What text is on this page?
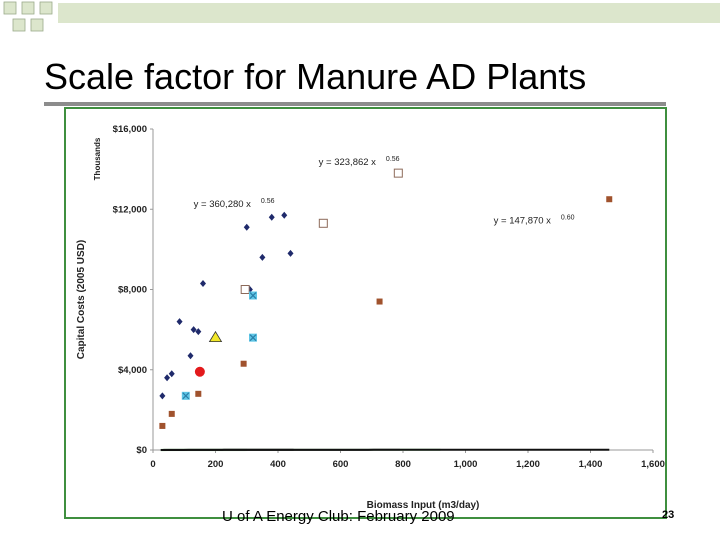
Scale factor for Manure AD Plants
$0
$4,000
$8,000
$12,000
$16,000
0	200	400	600	800	1,000	1,200	1,400	1,600
Capital Costs (2005 USD)
Thousands
Biomass Input (m3/day)
y = 323,862 x 0.56
y = 360,280 x 0.56
y = 147,870 x 0.60
U of A Energy Club: February 2009	23
